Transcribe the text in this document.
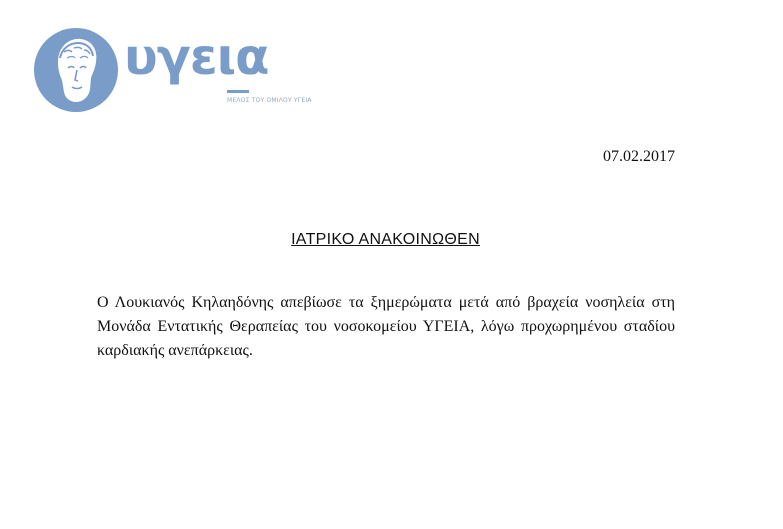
υγεια
ΜΕΛΟΣ ΤΟΥ ΟΜΙΛΟΥ ΥΓΕΙΑ
07.02.2017
ΙΑΤΡΙΚΟ ΑΝΑΚΟΙΝΩΘΕΝ
Ο Λουκιανός Κηλαηδόνης απεβίωσε τα ξημερώματα μετά από βραχεία νοσηλεία στη Μονάδα Εντατικής Θεραπείας του νοσοκομείου ΥΓΕΙΑ, λόγω προχωρημένου σταδίου καρδιακής ανεπάρκειας.
